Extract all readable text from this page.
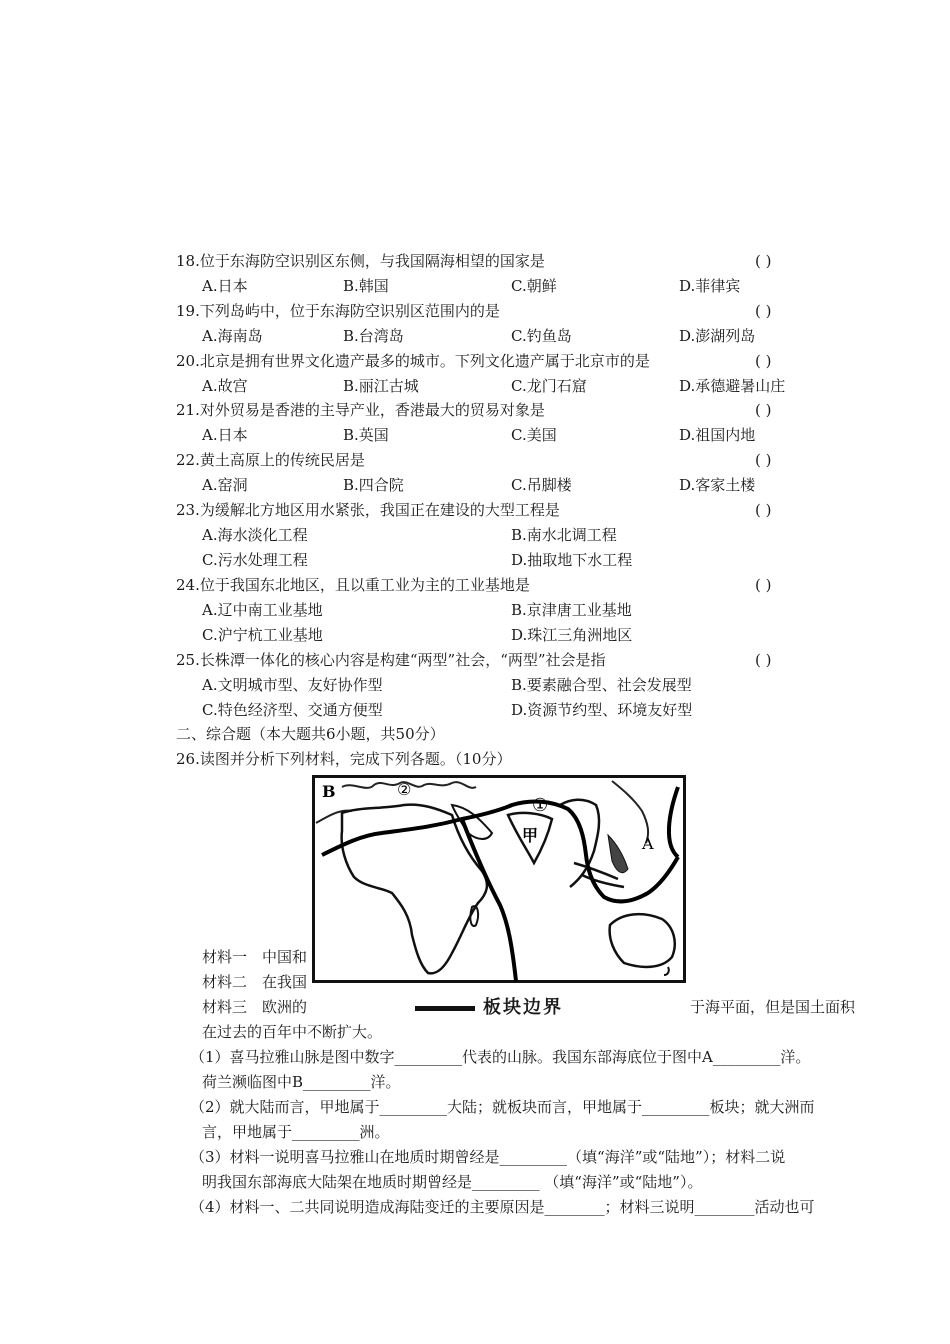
18.位于东海防空识别区东侧，与我国隔海相望的国家是	( )
A.日本	B.韩国	C.朝鲜	D.菲律宾
19.下列岛屿中，位于东海防空识别区范围内的是	( )
A.海南岛	B.台湾岛	C.钓鱼岛	D.澎湖列岛
20.北京是拥有世界文化遗产最多的城市。下列文化遗产属于北京市的是	( )
A.故宫	B.丽江古城	C.龙门石窟	D.承德避暑山庄
21.对外贸易是香港的主导产业，香港最大的贸易对象是	( )
A.日本	B.英国	C.美国	D.祖国内地
22.黄土高原上的传统民居是	( )
A.窑洞	B.四合院	C.吊脚楼	D.客家土楼
23.为缓解北方地区用水紧张，我国正在建设的大型工程是	( )
A.海水淡化工程	B.南水北调工程
C.污水处理工程	D.抽取地下水工程
24.位于我国东北地区，且以重工业为主的工业基地是	( )
A.辽中南工业基地	B.京津唐工业基地
C.沪宁杭工业基地	D.珠江三角洲地区
25.长株潭一体化的核心内容是构建“两型”社会，“两型”社会是指	( )
A.文明城市型、友好协作型	B.要素融合型、社会发展型
C.特色经济型、交通方便型	D.资源节约型、环境友好型
二、综合题（本大题共6小题，共50分）
26.读图并分析下列材料，完成下列各题。（10分）
B	②
①
甲	A
材料一　中国和
材料二　在我国
材料三　欧洲的	于海平面，但是国土面积
在过去的百年中不断扩大。
板块边界
（1）喜马拉雅山脉是图中数字_________代表的山脉。我国东部海底位于图中A_________洋。
荷兰濒临图中B_________洋。
（2）就大陆而言，甲地属于_________大陆；就板块而言，甲地属于_________板块；就大洲而
言，甲地属于_________洲。
（3）材料一说明喜马拉雅山在地质时期曾经是_________（填“海洋”或“陆地”）；材料二说
明我国东部海底大陆架在地质时期曾经是_________ （填“海洋”或“陆地”）。
（4）材料一、二共同说明造成海陆变迁的主要原因是________；材料三说明________活动也可
